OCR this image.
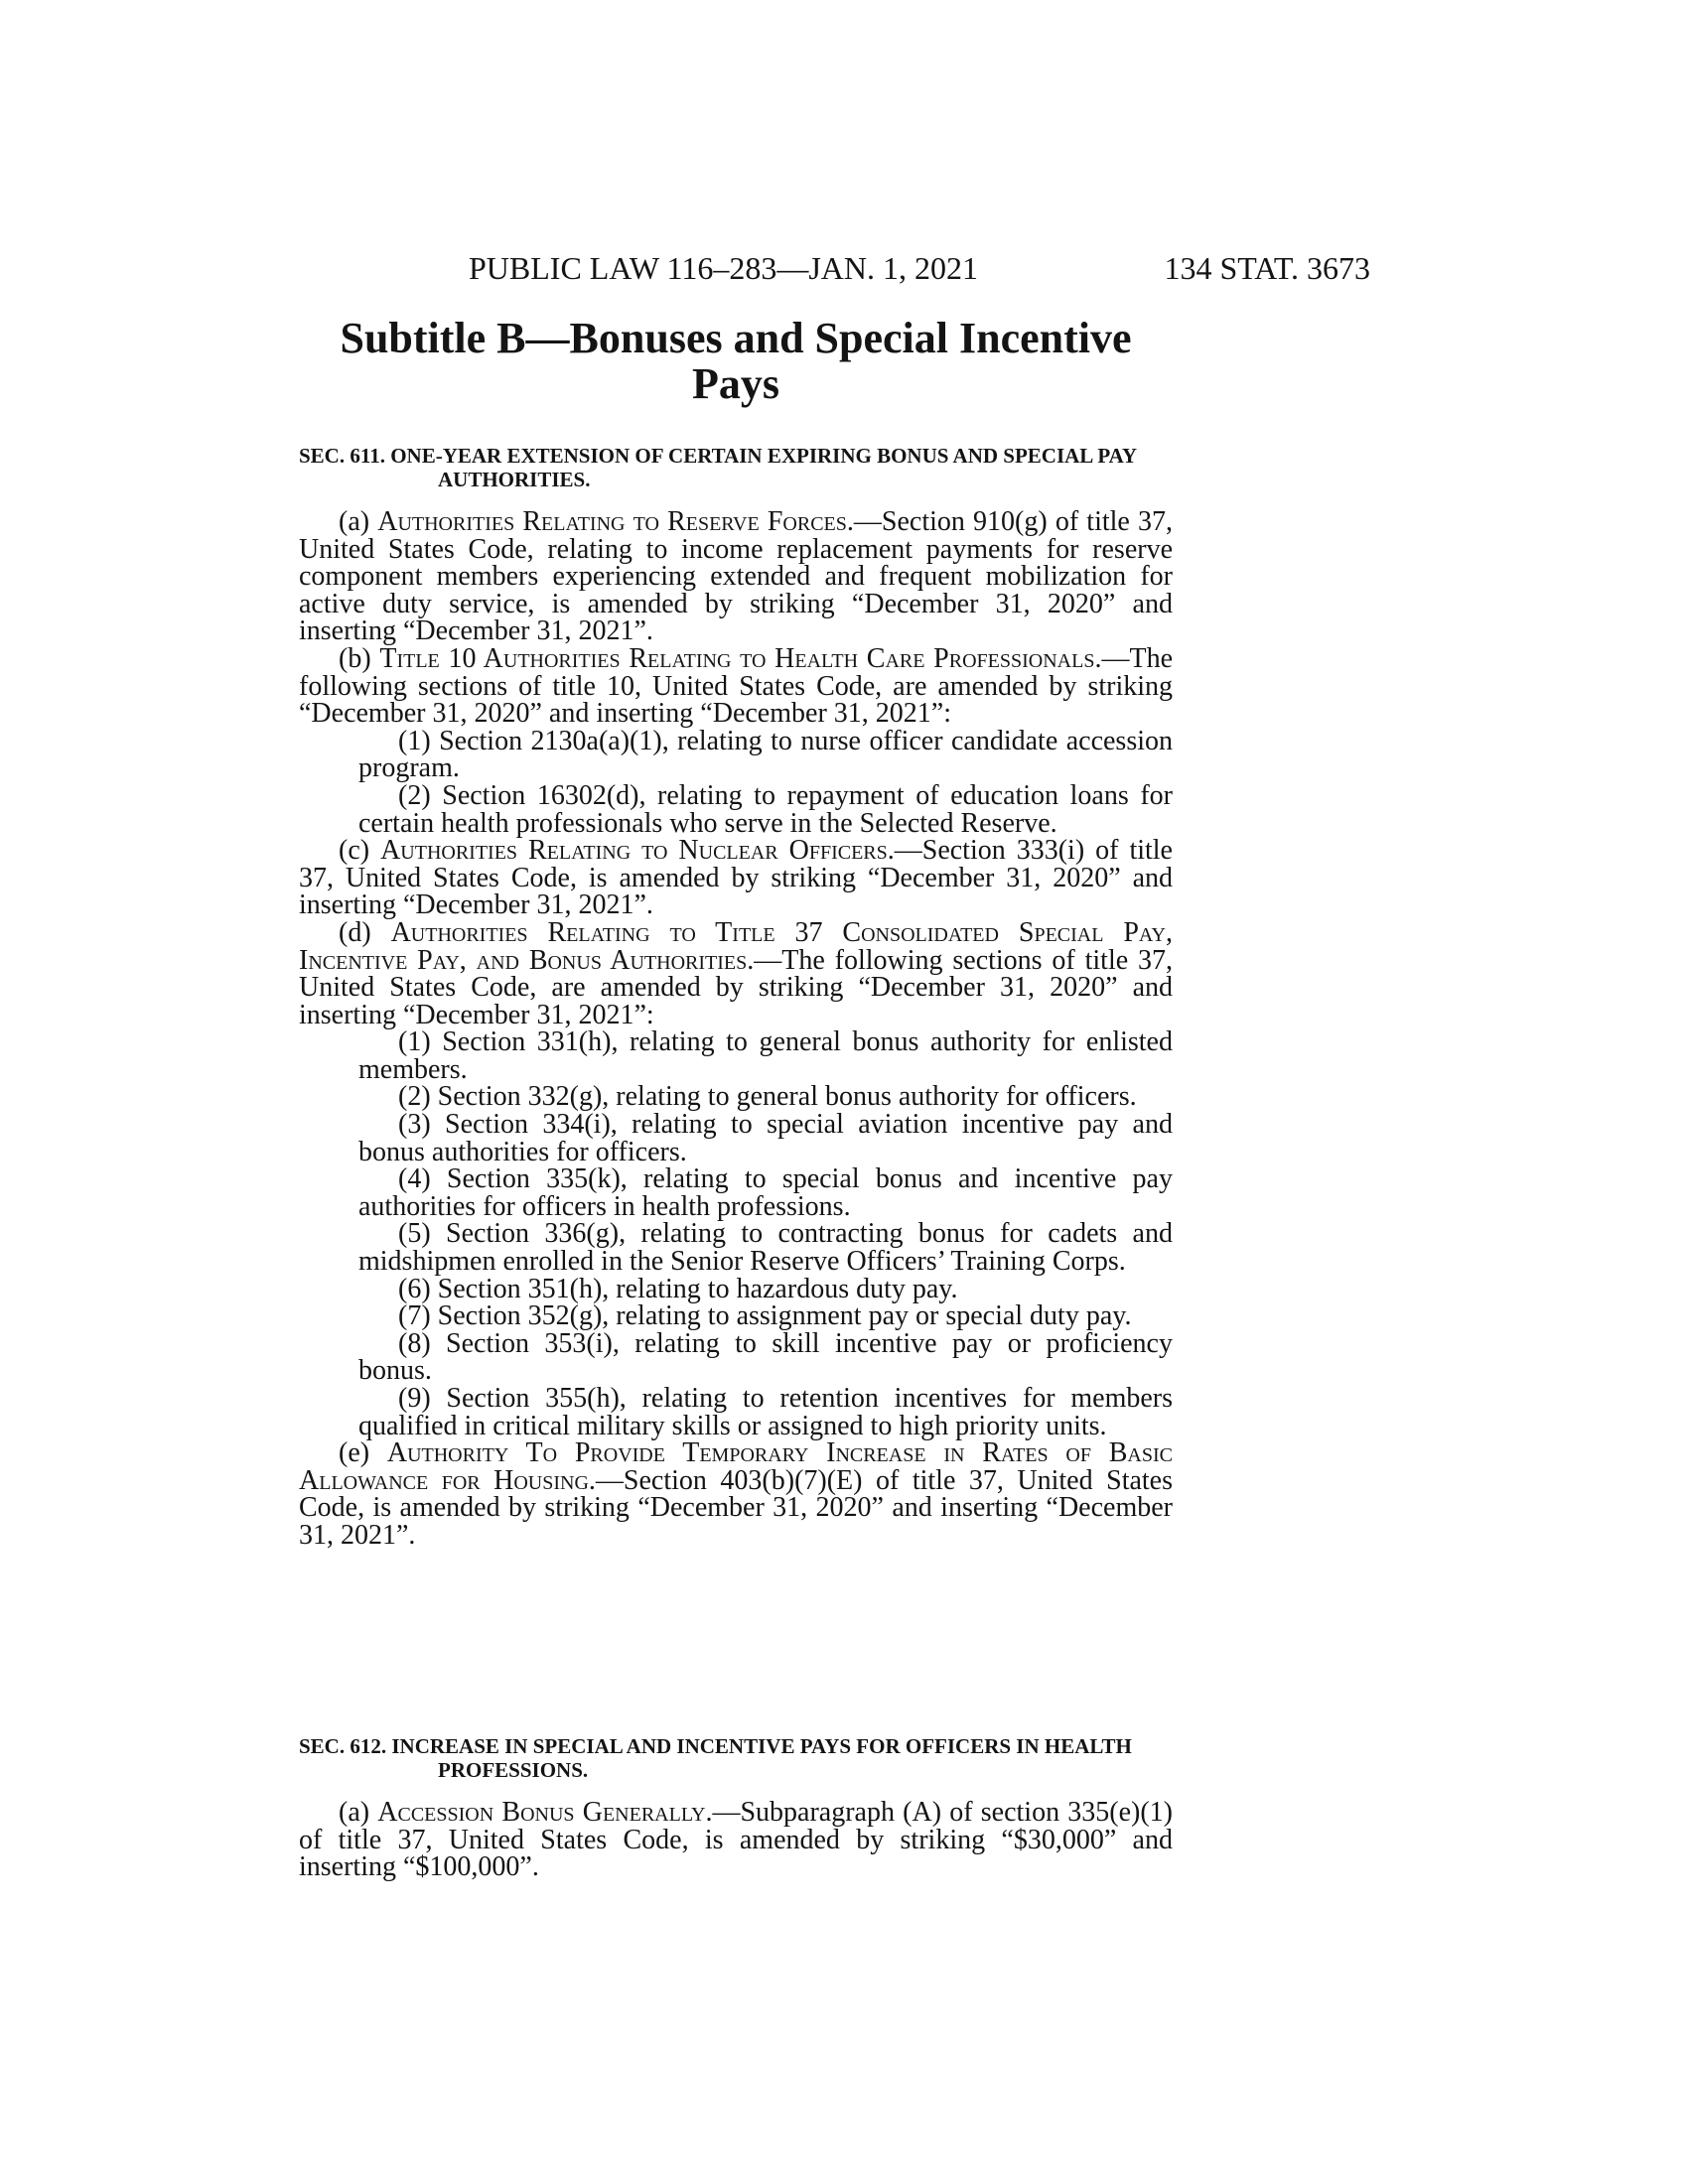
PUBLIC LAW 116–283—JAN. 1, 2021	134 STAT. 3673
Subtitle B—Bonuses and Special Incentive Pays

SEC. 611. ONE-YEAR EXTENSION OF CERTAIN EXPIRING BONUS AND SPECIAL PAY AUTHORITIES.

(a) Authorities Relating to Reserve Forces.—Section 910(g) of title 37, United States Code, relating to income replacement payments for reserve component members experiencing extended and frequent mobilization for active duty service, is amended by striking “December 31, 2020” and inserting “December 31, 2021”.

(b) Title 10 Authorities Relating to Health Care Professionals.—The following sections of title 10, United States Code, are amended by striking “December 31, 2020” and inserting “December 31, 2021”:

(1) Section 2130a(a)(1), relating to nurse officer candidate accession program.

(2) Section 16302(d), relating to repayment of education loans for certain health professionals who serve in the Selected Reserve.

(c) Authorities Relating to Nuclear Officers.—Section 333(i) of title 37, United States Code, is amended by striking “December 31, 2020” and inserting “December 31, 2021”.

(d) Authorities Relating to Title 37 Consolidated Special Pay, Incentive Pay, and Bonus Authorities.—The following sections of title 37, United States Code, are amended by striking “December 31, 2020” and inserting “December 31, 2021”:

(1) Section 331(h), relating to general bonus authority for enlisted members.

(2) Section 332(g), relating to general bonus authority for officers.

(3) Section 334(i), relating to special aviation incentive pay and bonus authorities for officers.

(4) Section 335(k), relating to special bonus and incentive pay authorities for officers in health professions.

(5) Section 336(g), relating to contracting bonus for cadets and midshipmen enrolled in the Senior Reserve Officers’ Training Corps.

(6) Section 351(h), relating to hazardous duty pay.

(7) Section 352(g), relating to assignment pay or special duty pay.

(8) Section 353(i), relating to skill incentive pay or proficiency bonus.

(9) Section 355(h), relating to retention incentives for members qualified in critical military skills or assigned to high priority units.

(e) Authority To Provide Temporary Increase in Rates of Basic Allowance for Housing.—Section 403(b)(7)(E) of title 37, United States Code, is amended by striking “December 31, 2020” and inserting “December 31, 2021”.

SEC. 612. INCREASE IN SPECIAL AND INCENTIVE PAYS FOR OFFICERS IN HEALTH PROFESSIONS.

(a) Accession Bonus Generally.—Subparagraph (A) of section 335(e)(1) of title 37, United States Code, is amended by striking “$30,000” and inserting “$100,000”.
